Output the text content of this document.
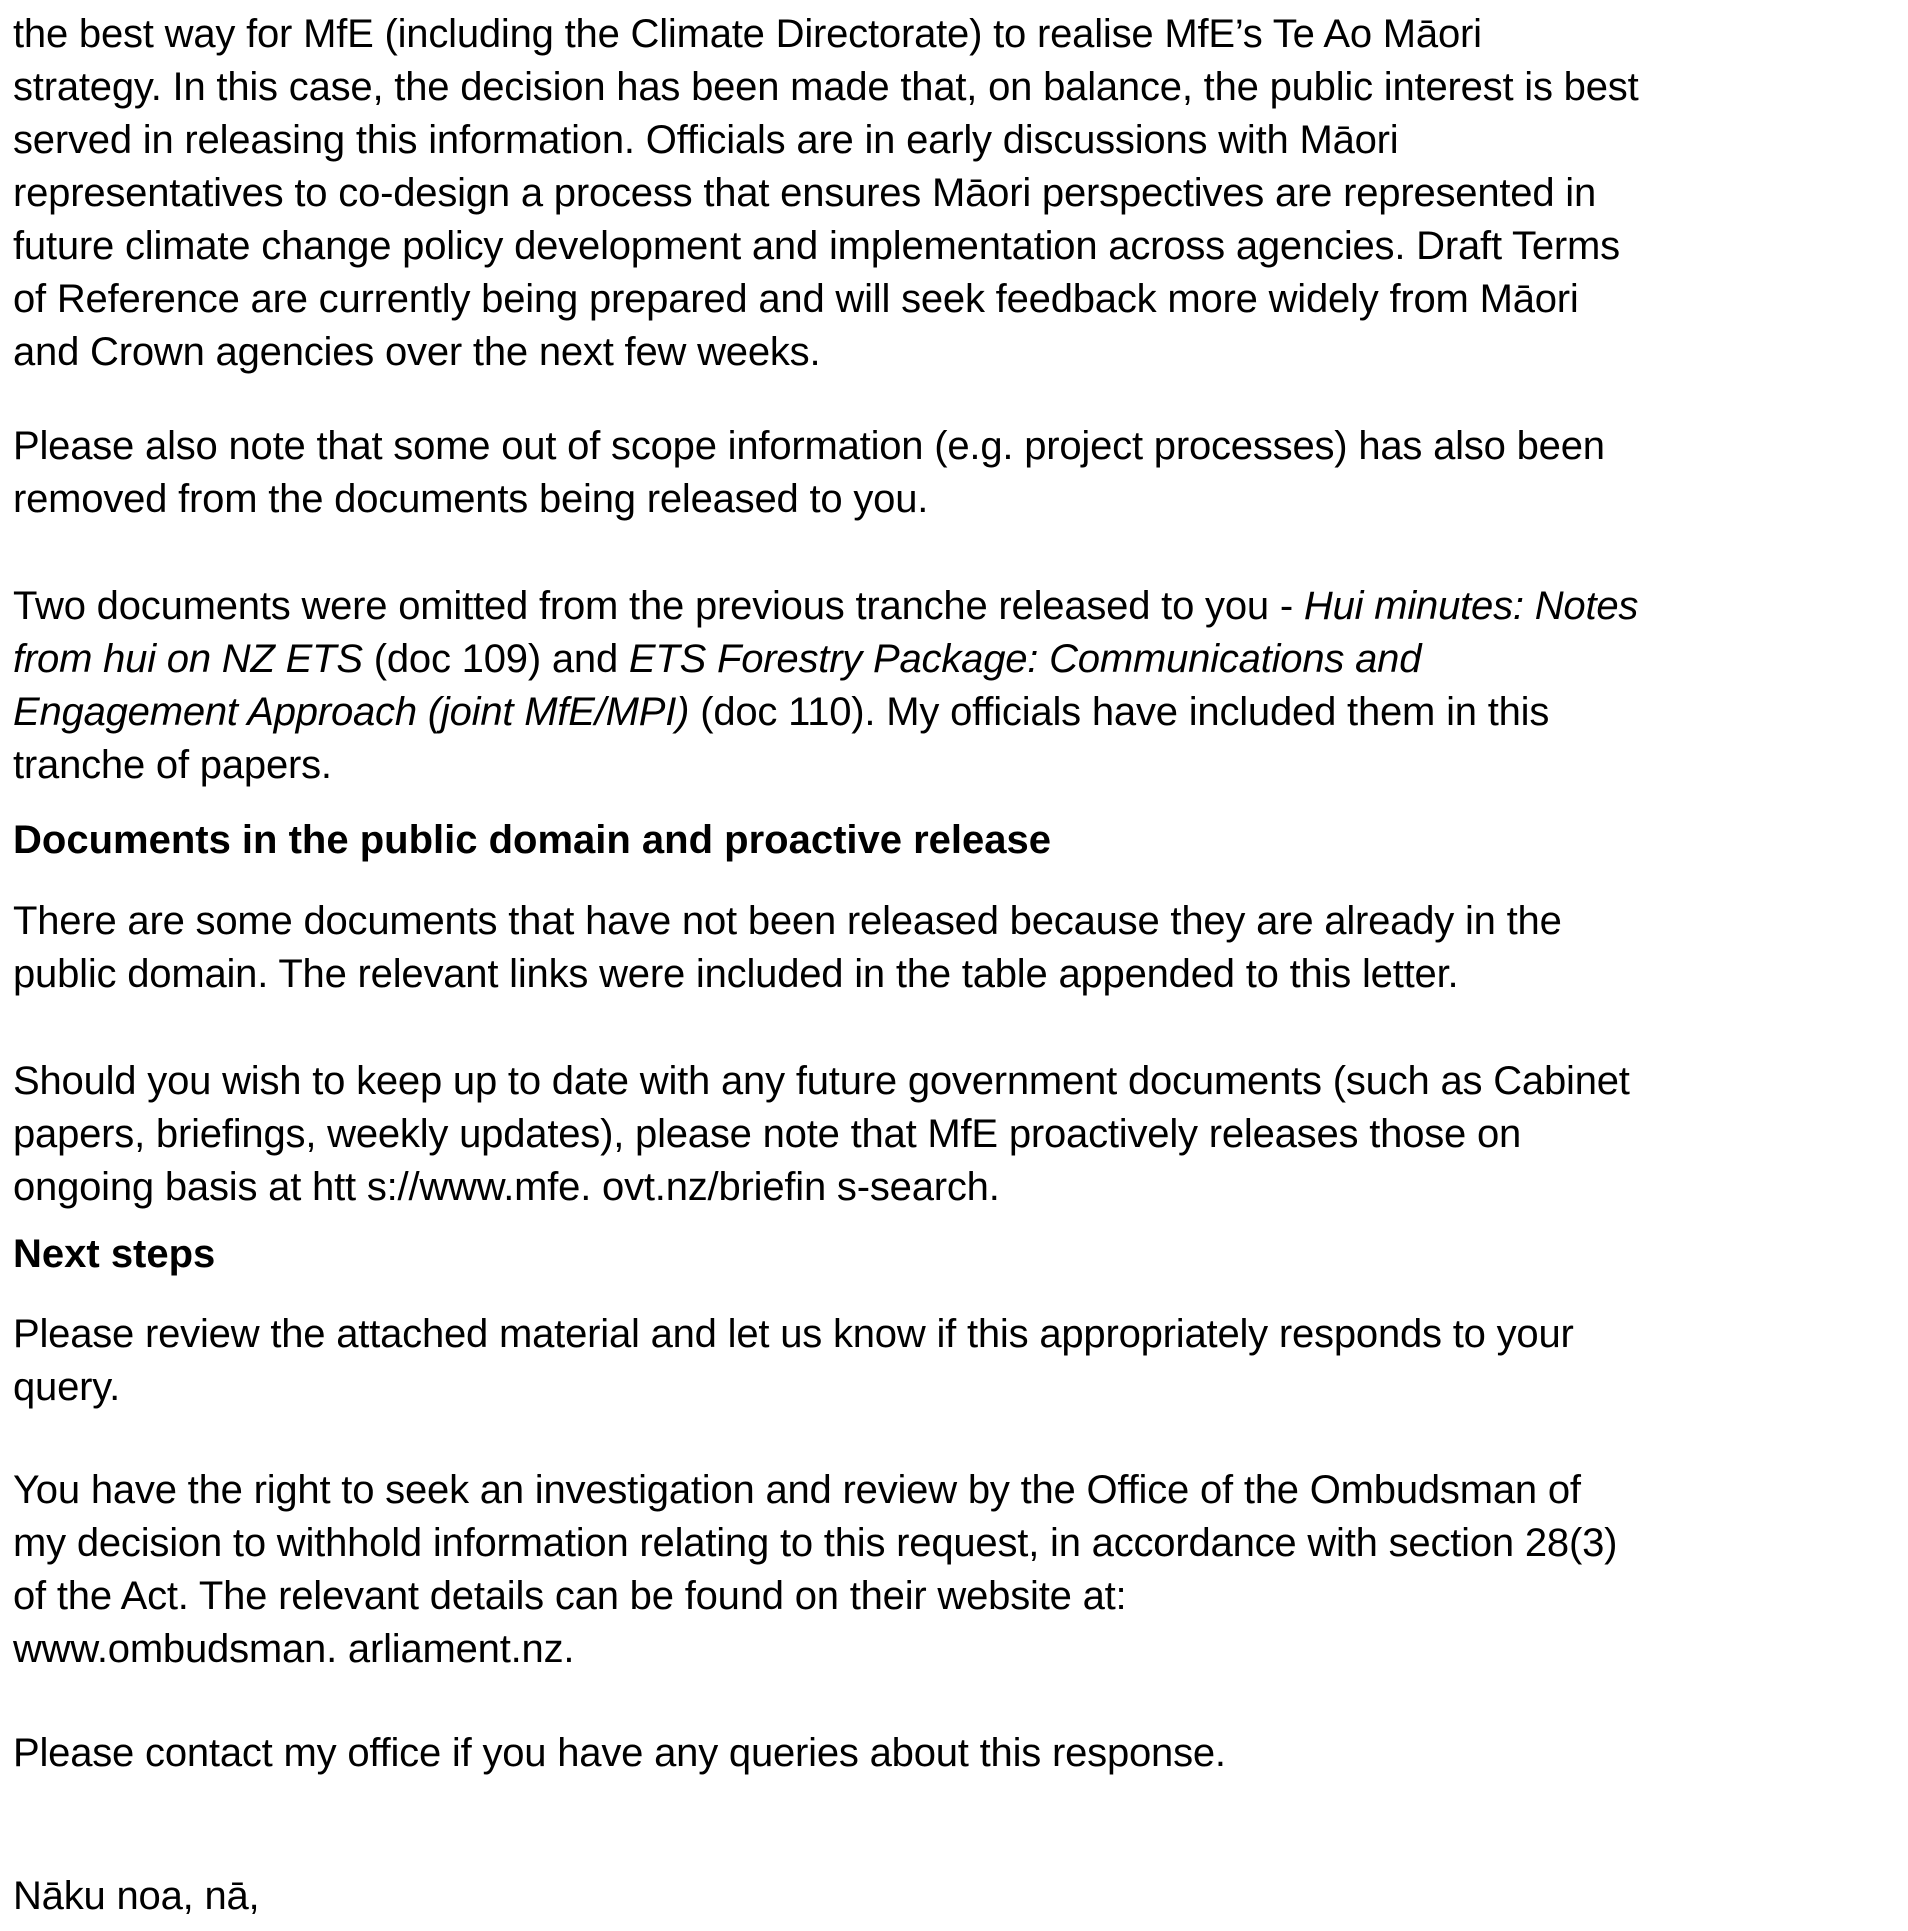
the best way for MfE (including the Climate Directorate) to realise MfE’s Te Ao Māori
strategy. In this case, the decision has been made that, on balance, the public interest is best
served in releasing this information. Officials are in early discussions with Māori
representatives to co-design a process that ensures Māori perspectives are represented in
future climate change policy development and implementation across agencies. Draft Terms
of Reference are currently being prepared and will seek feedback more widely from Māori
and Crown agencies over the next few weeks.

Please also note that some out of scope information (e.g. project processes) has also been
removed from the documents being released to you.

Two documents were omitted from the previous tranche released to you - Hui minutes: Notes
from hui on NZ ETS (doc 109) and ETS Forestry Package: Communications and
Engagement Approach (joint MfE/MPI) (doc 110). My officials have included them in this
tranche of papers.

Documents in the public domain and proactive release

There are some documents that have not been released because they are already in the
public domain. The relevant links were included in the table appended to this letter.

Should you wish to keep up to date with any future government documents (such as Cabinet
papers, briefings, weekly updates), please note that MfE proactively releases those on
ongoing basis at htt s://www.mfe. ovt.nz/briefin s-search.

Next steps

Please review the attached material and let us know if this appropriately responds to your
query.

You have the right to seek an investigation and review by the Office of the Ombudsman of
my decision to withhold information relating to this request, in accordance with section 28(3)
of the Act. The relevant details can be found on their website at:
www.ombudsman. arliament.nz.

Please contact my office if you have any queries about this response.

Nāku noa, nā,
